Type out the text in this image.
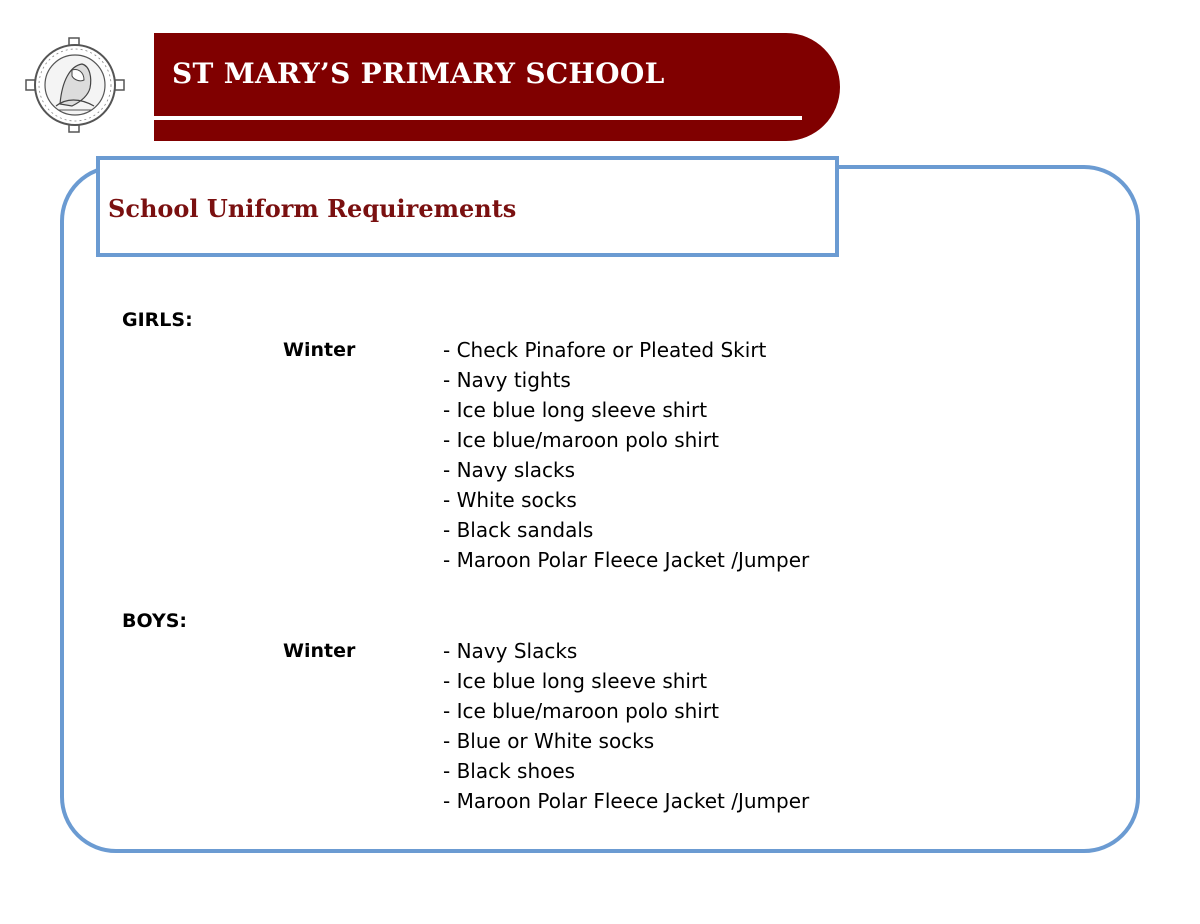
ST MARY’S PRIMARY SCHOOL
School Uniform Requirements
GIRLS:
Winter	- Check Pinafore or Pleated Skirt
- Navy tights
- Ice blue long sleeve shirt
- Ice blue/maroon polo shirt
- Navy slacks
- White socks
- Black sandals
- Maroon Polar Fleece Jacket /Jumper
BOYS:
Winter	- Navy Slacks
- Ice blue long sleeve shirt
- Ice blue/maroon polo shirt
- Blue or White socks
- Black shoes
- Maroon Polar Fleece Jacket /Jumper
